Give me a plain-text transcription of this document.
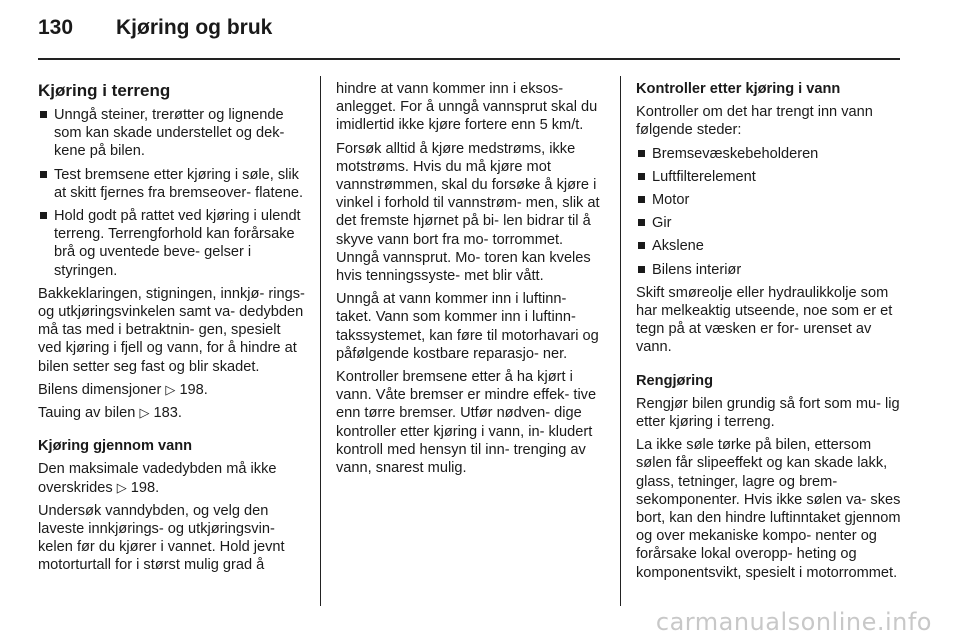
130 Kjøring og bruk

Kjøring i terreng

Unngå steiner, trerøtter og lignende som kan skade understellet og dek- kene på bilen.

Test bremsene etter kjøring i søle, slik at skitt fjernes fra bremseover- flatene.

Hold godt på rattet ved kjøring i ulendt terreng. Terrengforhold kan forårsake brå og uventede beve- gelser i styringen.

Bakkeklaringen, stigningen, innkjø- rings- og utkjøringsvinkelen samt va- dedybden må tas med i betraktnin- gen, spesielt ved kjøring i fjell og vann, for å hindre at bilen setter seg fast og blir skadet.

Bilens dimensjoner ▷ 198.

Tauing av bilen ▷ 183.

Kjøring gjennom vann

Den maksimale vadedybden må ikke overskrides ▷ 198.

Undersøk vanndybden, og velg den laveste innkjørings- og utkjøringsvin- kelen før du kjører i vannet. Hold jevnt motorturtall for i størst mulig grad å

hindre at vann kommer inn i eksos- anlegget. For å unngå vannsprut skal du imidlertid ikke kjøre fortere enn 5 km/t.

Forsøk alltid å kjøre medstrøms, ikke motstrøms. Hvis du må kjøre mot vannstrømmen, skal du forsøke å kjøre i vinkel i forhold til vannstrøm- men, slik at det fremste hjørnet på bi- len bidrar til å skyve vann bort fra mo- torrommet. Unngå vannsprut. Mo- toren kan kveles hvis tenningssyste- met blir vått.

Unngå at vann kommer inn i luftinn- taket. Vann som kommer inn i luftinn- takssystemet, kan føre til motorhavari og påfølgende kostbare reparasjo- ner.

Kontroller bremsene etter å ha kjørt i vann. Våte bremser er mindre effek- tive enn tørre bremser. Utfør nødven- dige kontroller etter kjøring i vann, in- kludert kontroll med hensyn til inn- trenging av vann, snarest mulig.

Kontroller etter kjøring i vann

Kontroller om det har trengt inn vann følgende steder:

Bremsevæskebeholderen

Luftfilterelement

Motor

Gir

Akslene

Bilens interiør

Skift smøreolje eller hydraulikkolje som har melkeaktig utseende, noe som er et tegn på at væsken er for- urenset av vann.

Rengjøring

Rengjør bilen grundig så fort som mu- lig etter kjøring i terreng.

La ikke søle tørke på bilen, ettersom sølen får slipeeffekt og kan skade lakk, glass, tetninger, lagre og brem- sekomponenter. Hvis ikke sølen va- skes bort, kan den hindre luftinntaket gjennom og over mekaniske kompo- nenter og forårsake lokal overopp- heting og komponentsvikt, spesielt i motorrommet.

carmanualsonline.info
